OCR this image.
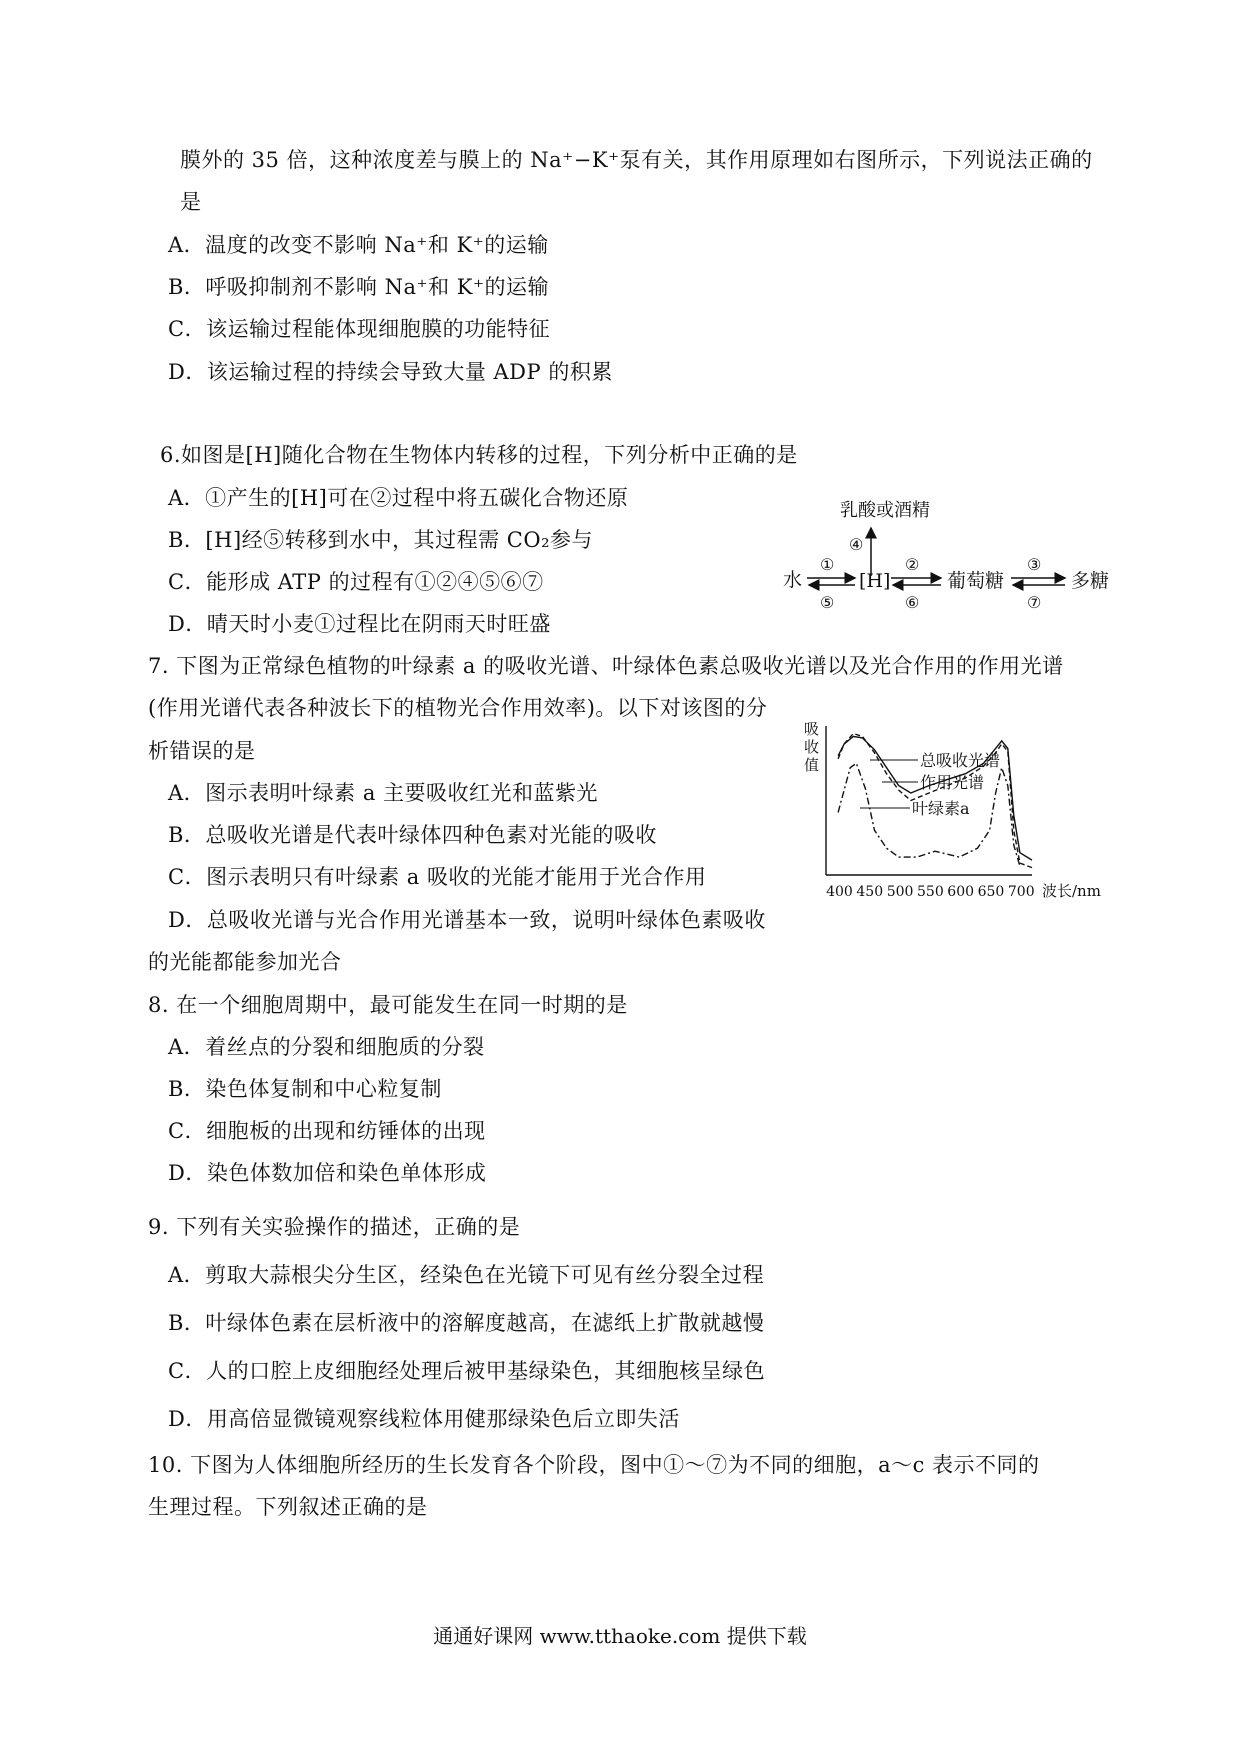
膜外的 35 倍，这种浓度差与膜上的 Na⁺−K⁺泵有关，其作用原理如右图所示，下列说法正确的
是
A．温度的改变不影响 Na⁺和 K⁺的运输
B．呼吸抑制剂不影响 Na⁺和 K⁺的运输
C．该运输过程能体现细胞膜的功能特征
D．该运输过程的持续会导致大量 ADP 的积累
6.如图是[H]随化合物在生物体内转移的过程，下列分析中正确的是
A．①产生的[H]可在②过程中将五碳化合物还原
B．[H]经⑤转移到水中，其过程需 CO₂参与
C．能形成 ATP 的过程有①②④⑤⑥⑦
D．晴天时小麦①过程比在阴雨天时旺盛
乳酸或酒精
④
水
①
⑤
[H]
②
⑥
葡萄糖
③
⑦
多糖
7. 下图为正常绿色植物的叶绿素 a 的吸收光谱、叶绿体色素总吸收光谱以及光合作用的作用光谱
(作用光谱代表各种波长下的植物光合作用效率)。以下对该图的分
析错误的是
A．图示表明叶绿素 a 主要吸收红光和蓝紫光
B．总吸收光谱是代表叶绿体四种色素对光能的吸收
C．图示表明只有叶绿素 a 吸收的光能才能用于光合作用
D．总吸收光谱与光合作用光谱基本一致，说明叶绿体色素吸收
的光能都能参加光合
吸
收
值
400 450 500 550 600 650 700 波长/nm
总吸收光谱
作用光谱
叶绿素a
8. 在一个细胞周期中，最可能发生在同一时期的是
A．着丝点的分裂和细胞质的分裂
B．染色体复制和中心粒复制
C．细胞板的出现和纺锤体的出现
D．染色体数加倍和染色单体形成
9. 下列有关实验操作的描述，正确的是
A．剪取大蒜根尖分生区，经染色在光镜下可见有丝分裂全过程
B．叶绿体色素在层析液中的溶解度越高，在滤纸上扩散就越慢
C．人的口腔上皮细胞经处理后被甲基绿染色，其细胞核呈绿色
D．用高倍显微镜观察线粒体用健那绿染色后立即失活
10. 下图为人体细胞所经历的生长发育各个阶段，图中①～⑦为不同的细胞，a～c 表示不同的
生理过程。下列叙述正确的是
通通好课网 www.tthaoke.com 提供下载
